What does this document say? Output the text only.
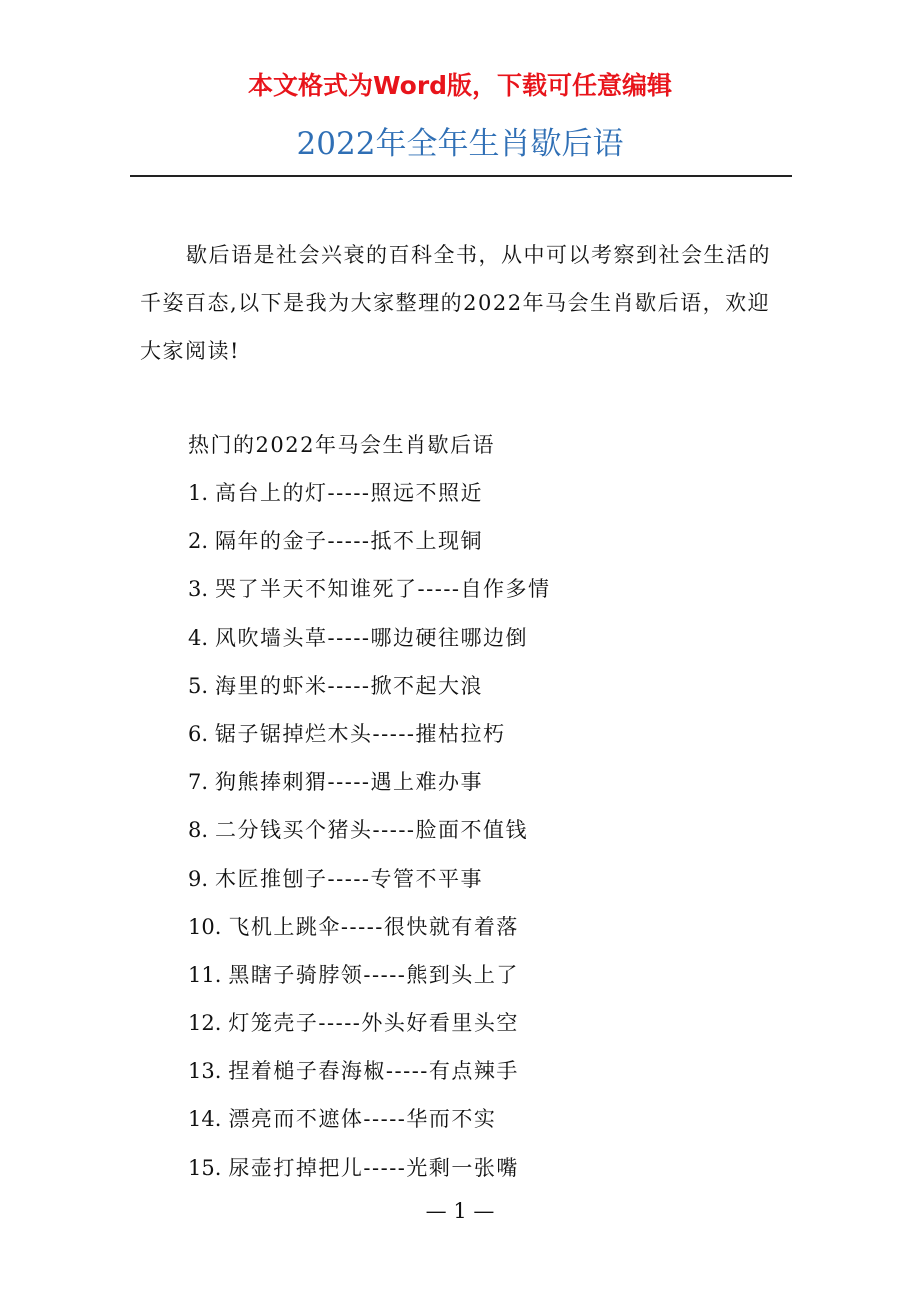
本文格式为Word版，下载可任意编辑
2022年全年生肖歇后语

歇后语是社会兴衰的百科全书，从中可以考察到社会生活的千姿百态,以下是我为大家整理的2022年马会生肖歇后语，欢迎大家阅读!

热门的2022年马会生肖歇后语

1. 高台上的灯-----照远不照近
2. 隔年的金子-----抵不上现铜
3. 哭了半天不知谁死了-----自作多情
4. 风吹墙头草-----哪边硬往哪边倒
5. 海里的虾米-----掀不起大浪
6. 锯子锯掉烂木头-----摧枯拉朽
7. 狗熊捧刺猬-----遇上难办事
8. 二分钱买个猪头-----脸面不值钱
9. 木匠推刨子-----专管不平事
10. 飞机上跳伞-----很快就有着落
11. 黑瞎子骑脖领-----熊到头上了
12. 灯笼壳子-----外头好看里头空
13. 捏着槌子舂海椒-----有点辣手
14. 漂亮而不遮体-----华而不实
15. 尿壶打掉把儿-----光剩一张嘴
— 1 —
